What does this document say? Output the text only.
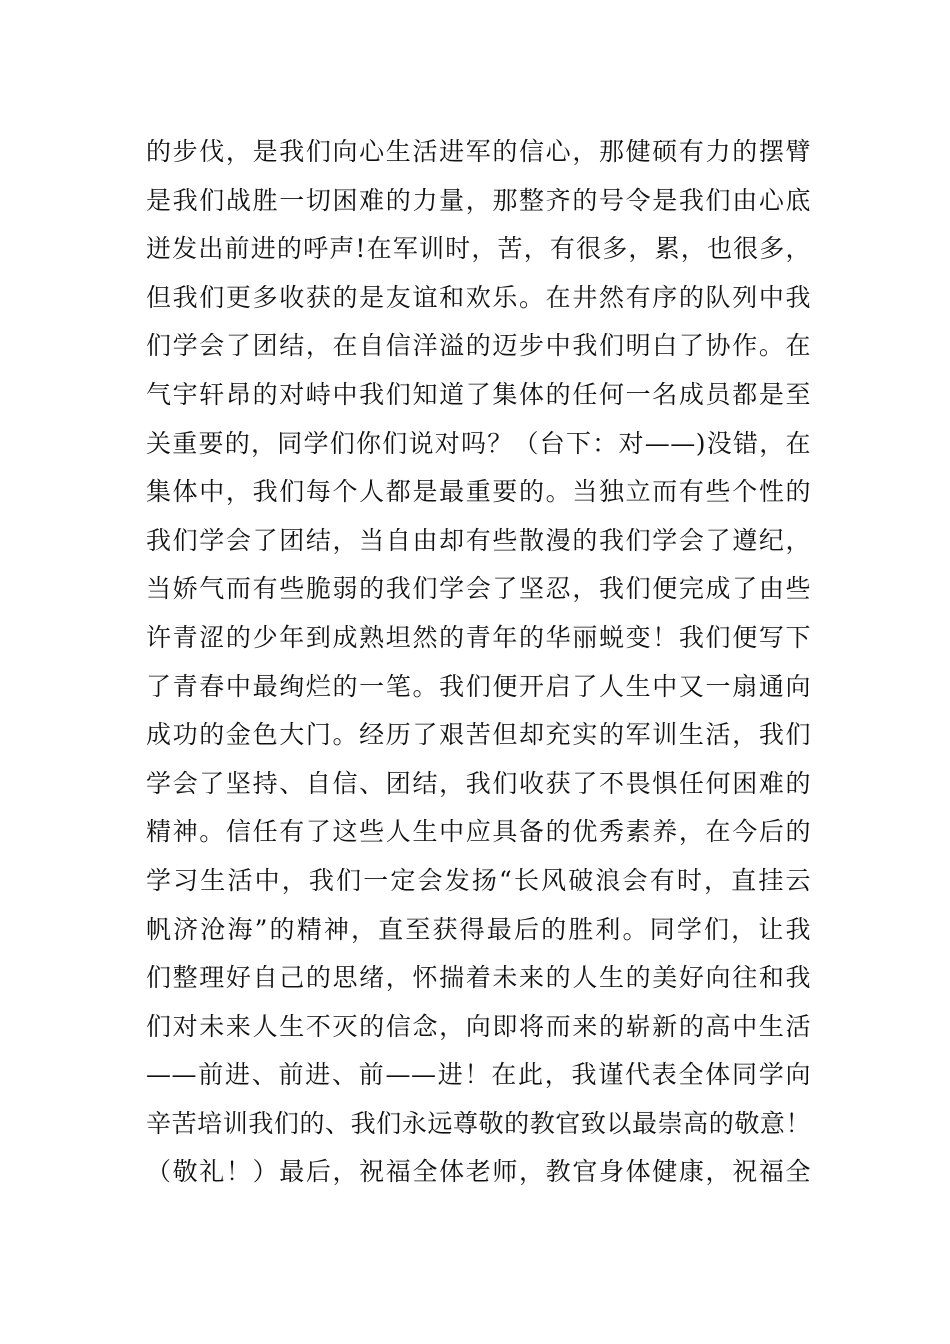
的步伐，是我们向心生活进军的信心，那健硕有力的摆臂
是我们战胜一切困难的力量，那整齐的号令是我们由心底
迸发出前进的呼声!在军训时，苦，有很多，累，也很多，
但我们更多收获的是友谊和欢乐。在井然有序的队列中我
们学会了团结，在自信洋溢的迈步中我们明白了协作。在
气宇轩昂的对峙中我们知道了集体的任何一名成员都是至
关重要的，同学们你们说对吗？（台下：对——)没错，在
集体中，我们每个人都是最重要的。当独立而有些个性的
我们学会了团结，当自由却有些散漫的我们学会了遵纪，
当娇气而有些脆弱的我们学会了坚忍，我们便完成了由些
许青涩的少年到成熟坦然的青年的华丽蜕变！我们便写下
了青春中最绚烂的一笔。我们便开启了人生中又一扇通向
成功的金色大门。经历了艰苦但却充实的军训生活，我们
学会了坚持、自信、团结，我们收获了不畏惧任何困难的
精神。信任有了这些人生中应具备的优秀素养，在今后的
学习生活中，我们一定会发扬“长风破浪会有时，直挂云
帆济沧海”的精神，直至获得最后的胜利。同学们，让我
们整理好自己的思绪，怀揣着未来的人生的美好向往和我
们对未来人生不灭的信念，向即将而来的崭新的高中生活
——前进、前进、前——进！在此，我谨代表全体同学向
辛苦培训我们的、我们永远尊敬的教官致以最崇高的敬意！
（敬礼！）最后，祝福全体老师，教官身体健康，祝福全
